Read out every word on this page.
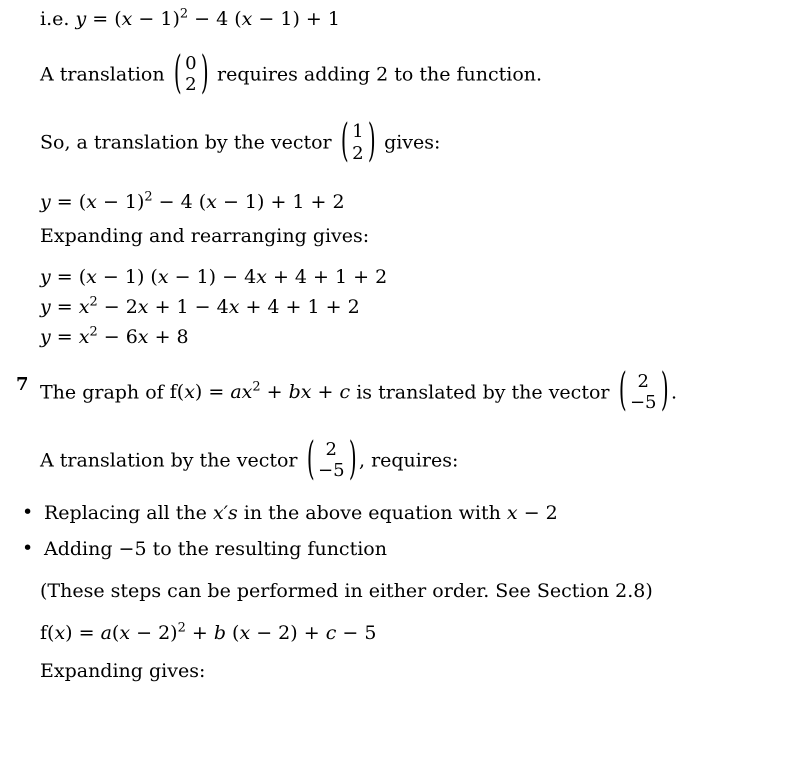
i.e. $y = (x - 1)^2 - 4$ (x − 1) + 1
A translation ( 0
2 ) requires adding 2 to the function.
So, a translation by the vector ( 1
2 ) gives:
$y = (x - 1)^2 - 4$ (x − 1) + 1 + 2
Expanding and rearranging gives:
y = (x − 1) (x − 1) − 4x + 4 + 1 + 2
$y = x^2 - 2x + 1 - 4x + 4 + 1 + 2$
$y = x^2 - 6x + 8$
7 The graph of $f(x) = ax^2$ + bx + c is translated by the vector ( 2
−5 ) .
A translation by the vector ( 2
−5 ) , requires:
• Replacing all the x′s in the above equation with x − 2
• Adding −5 to the resulting function
(These steps can be performed in either order. See Section 2.8)
$f(x) = a(x - 2)^2 + b$ (x − 2) + c − 5
Expanding gives:
